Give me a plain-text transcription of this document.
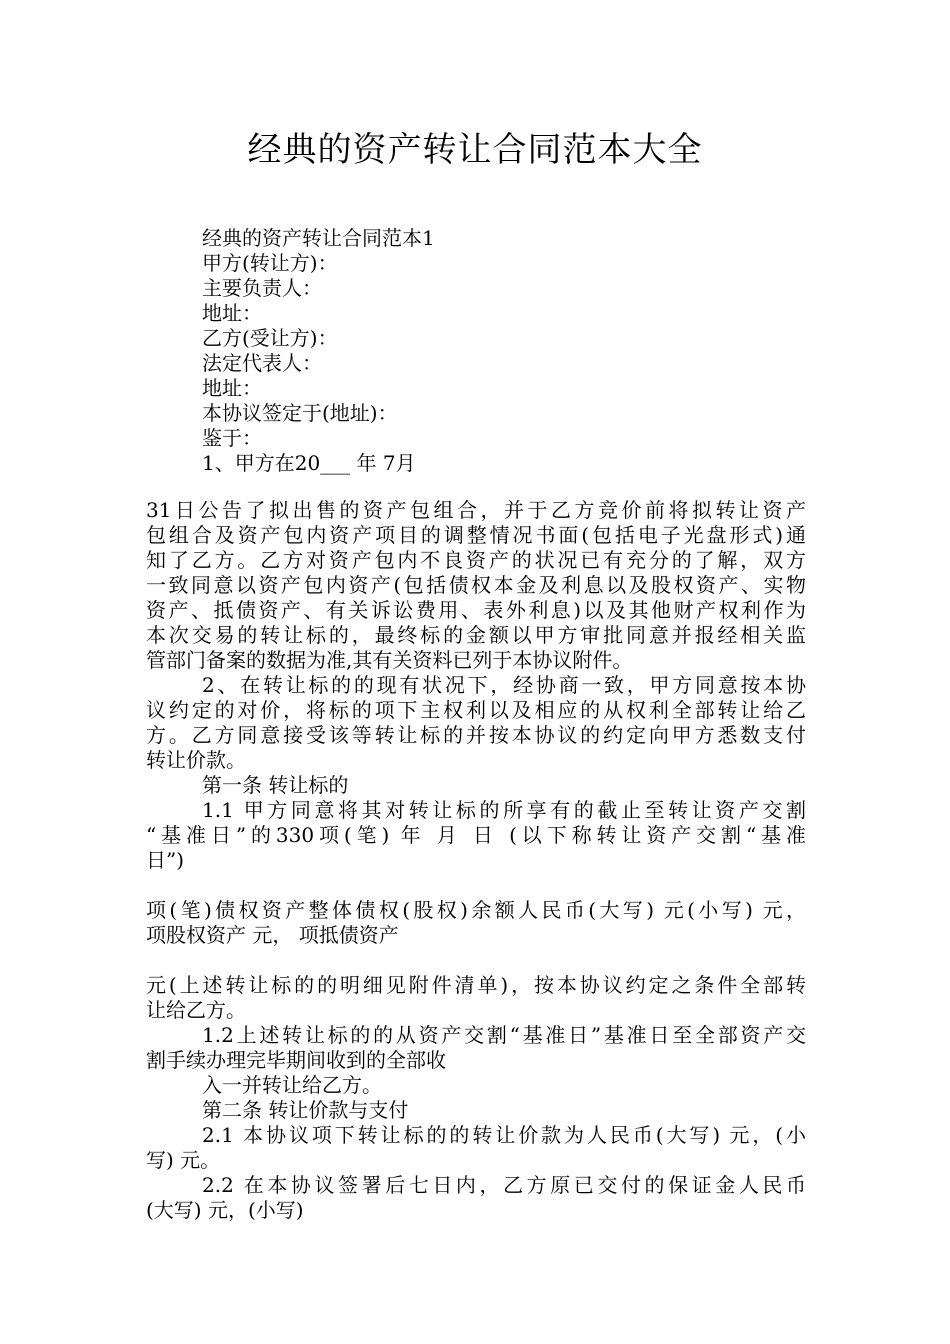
经典的资产转让合同范本大全
经典的资产转让合同范本1
甲方(转让方)：
主要负责人：
地址：
乙方(受让方)：
法定代表人：
地址：
本协议签定于(地址)：
鉴于：
1、甲方在20___ 年 7月
31日公告了拟出售的资产包组合，并于乙方竞价前将拟转让资产
包组合及资产包内资产项目的调整情况书面(包括电子光盘形式)通
知了乙方。乙方对资产包内不良资产的状况已有充分的了解，双方
一致同意以资产包内资产(包括债权本金及利息以及股权资产、实物
资产、抵债资产、有关诉讼费用、表外利息)以及其他财产权利作为
本次交易的转让标的，最终标的金额以甲方审批同意并报经相关监
管部门备案的数据为准,其有关资料已列于本协议附件。
2、在转让标的的现有状况下，经协商一致，甲方同意按本协
议约定的对价，将标的项下主权利以及相应的从权利全部转让给乙
方。乙方同意接受该等转让标的并按本协议的约定向甲方悉数支付
转让价款。
第一条 转让标的
1.1 甲方同意将其对转让标的所享有的截止至转让资产交割
“基准日”的330项(笔) 年 月 日 (以下称转让资产交割“基准
日”)
项(笔)债权资产整体债权(股权)余额人民币(大写) 元(小写) 元，
项股权资产 元， 项抵债资产
元(上述转让标的的明细见附件清单)，按本协议约定之条件全部转
让给乙方。
1.2上述转让标的的从资产交割“基准日”基准日至全部资产交
割手续办理完毕期间收到的全部收
入一并转让给乙方。
第二条 转让价款与支付
2.1 本协议项下转让标的的转让价款为人民币(大写) 元，(小
写) 元。
2.2 在本协议签署后七日内，乙方原已交付的保证金人民币
(大写) 元，(小写)
